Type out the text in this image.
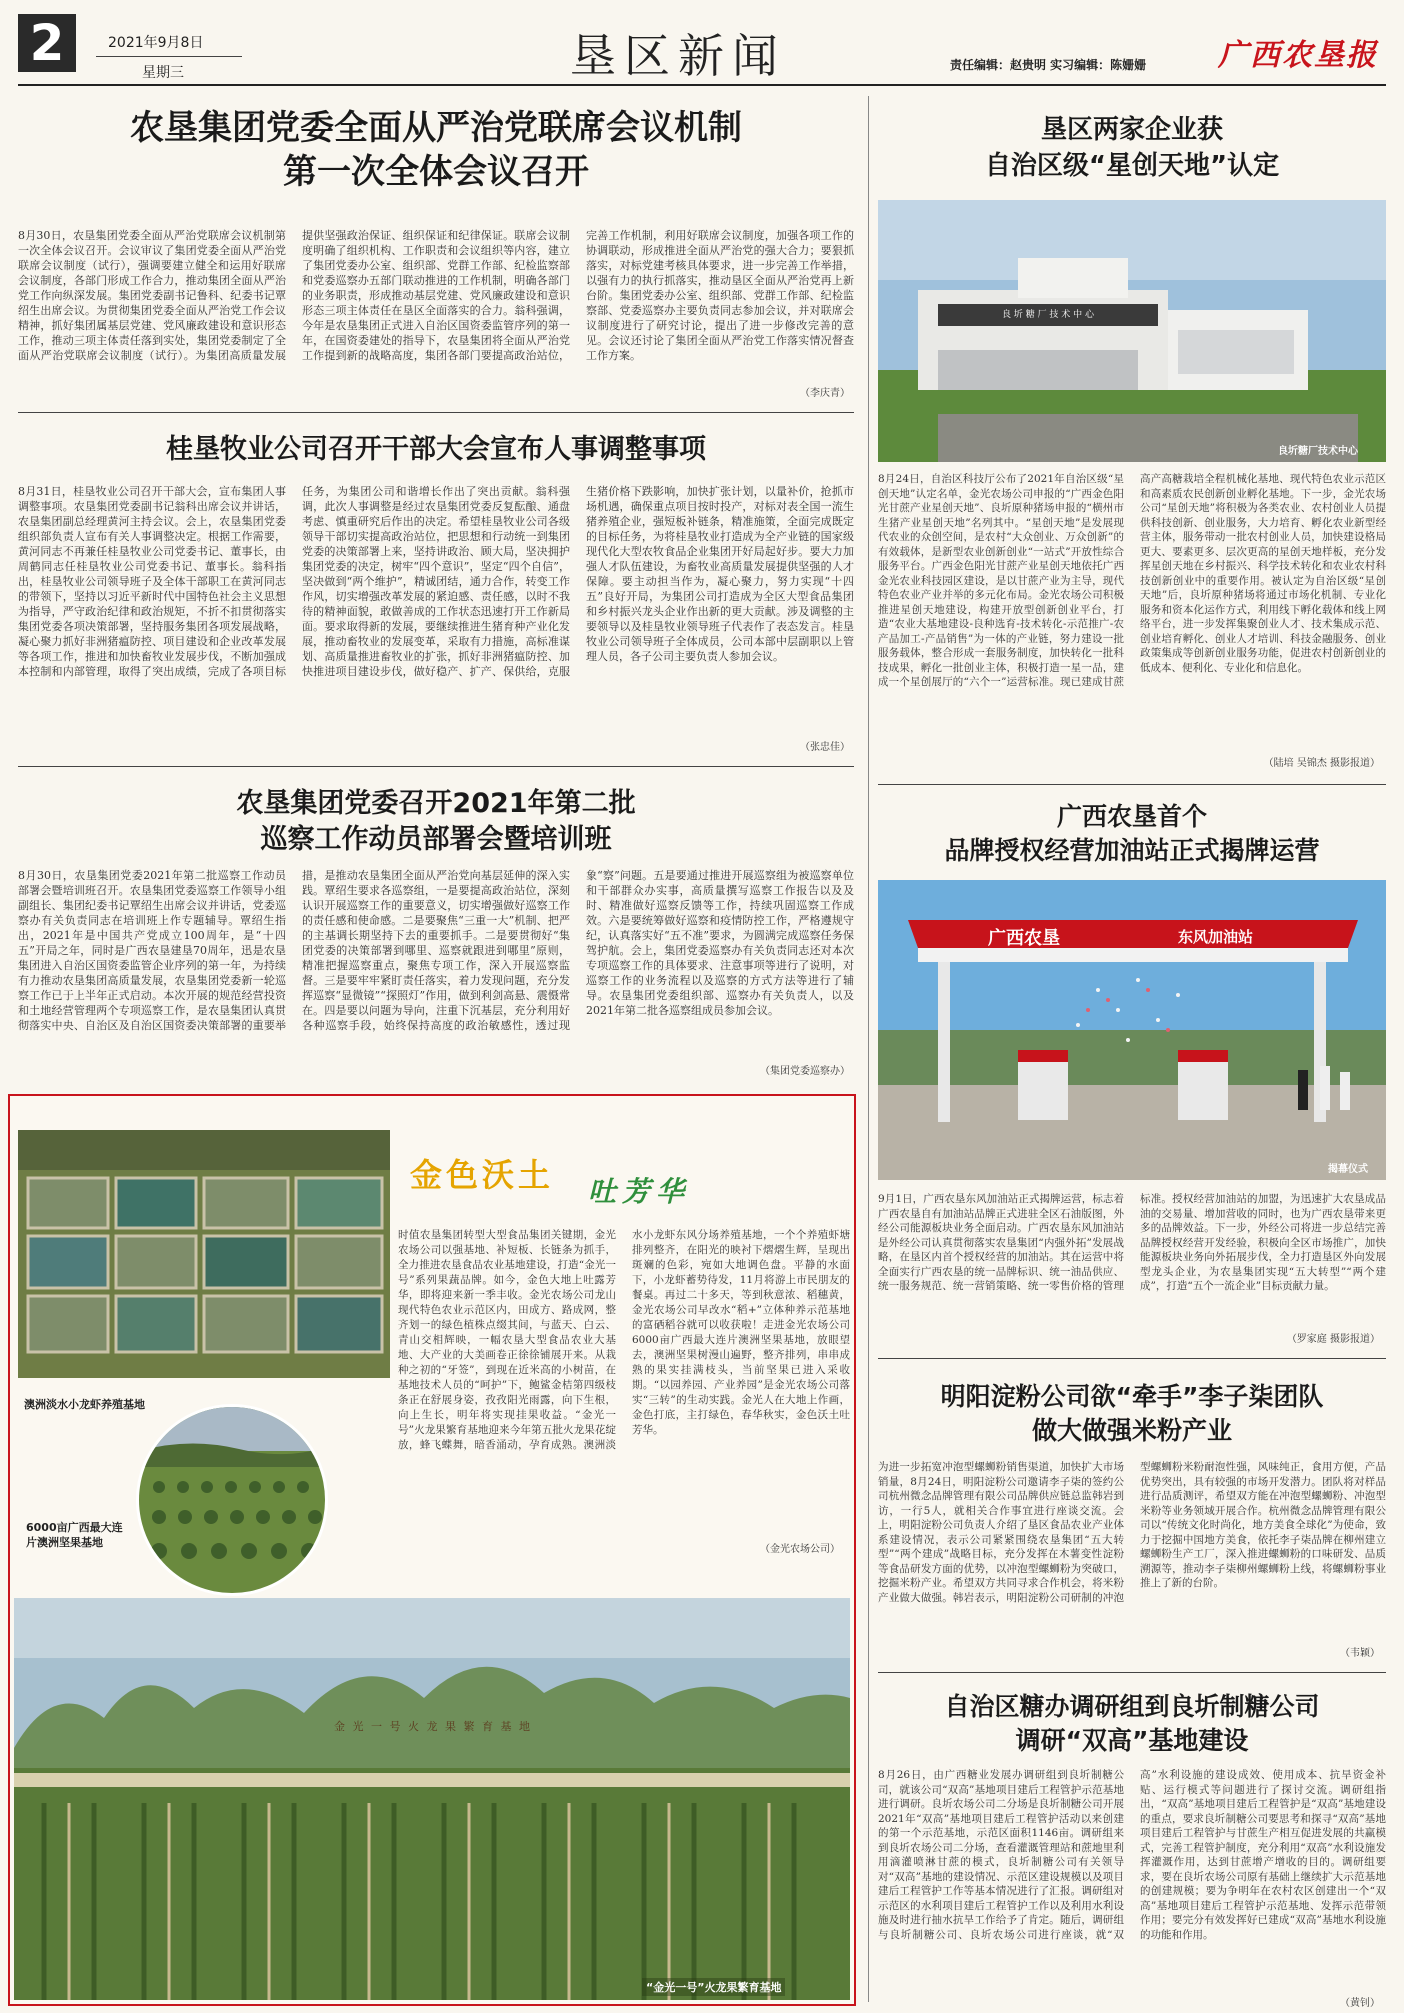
2	2021年9月8日
星期三	垦区新闻	责任编辑：赵贵明 实习编辑：陈姗姗 广西农垦报
农垦集团党委全面从严治党联席会议机制
第一次全体会议召开
8月30日，农垦集团党委全面从严治党联席会议机制第一次全体会议召开。会议审议了集团党委全面从严治党联席会议制度（试行），强调要建立健全和运用好联席会议制度，各部门形成工作合力，推动集团全面从严治党工作向纵深发展。集团党委副书记鲁科、纪委书记覃绍生出席会议。为贯彻集团党委全面从严治党工作会议精神，抓好集团属基层党建、党风廉政建设和意识形态工作，推动三项主体责任落到实处，集团党委制定了全面从严治党联席会议制度（试行）。为集团高质量发展提供坚强政治保证、组织保证和纪律保证。联席会议制度明确了组织机构、工作职责和会议组织等内容，建立了集团党委办公室、组织部、党群工作部、纪检监察部和党委巡察办五部门联动推进的工作机制，明确各部门的业务职责，形成推动基层党建、党风廉政建设和意识形态三项主体责任在垦区全面落实的合力。翁科强调，今年是农垦集团正式进入自治区国资委监管序列的第一年，在国资委建处的指导下，农垦集团将全面从严治党工作提到新的战略高度，集团各部门要提高政治站位，完善工作机制，利用好联席会议制度，加强各项工作的协调联动，形成推进全面从严治党的强大合力；要狠抓落实，对标党建考核具体要求，进一步完善工作举措，以强有力的执行抓落实，推动垦区全面从严治党再上新台阶。集团党委办公室、组织部、党群工作部、纪检监察部、党委巡察办主要负责同志参加会议，并对联席会议制度进行了研究讨论，提出了进一步修改完善的意见。会议还讨论了集团全面从严治党工作落实情况督查工作方案。
（李庆青）
桂垦牧业公司召开干部大会宣布人事调整事项
8月31日，桂垦牧业公司召开干部大会，宣布集团人事调整事项。农垦集团党委副书记翁科出席会议并讲话，农垦集团副总经理黄河主持会议。会上，农垦集团党委组织部负责人宣布有关人事调整决定。根据工作需要，黄河同志不再兼任桂垦牧业公司党委书记、董事长，由周鹤同志任桂垦牧业公司党委书记、董事长。翁科指出，桂垦牧业公司领导班子及全体干部职工在黄河同志的带领下，坚持以习近平新时代中国特色社会主义思想为指导，严守政治纪律和政治规矩，不折不扣贯彻落实集团党委各项决策部署，坚持服务集团各项发展战略，凝心聚力抓好非洲猪瘟防控、项目建设和企业改革发展等各项工作，推进和加快畜牧业发展步伐，不断加强成本控制和内部管理，取得了突出成绩，完成了各项目标任务，为集团公司和谐增长作出了突出贡献。翁科强调，此次人事调整是经过农垦集团党委反复酝酿、通盘考虑、慎重研究后作出的决定。希望桂垦牧业公司各级领导干部切实提高政治站位，把思想和行动统一到集团党委的决策部署上来，坚持讲政治、顾大局，坚决拥护集团党委的决定，树牢“四个意识”，坚定“四个自信”，坚决做到“两个维护”，精诚团结，通力合作，转变工作作风，切实增强改革发展的紧迫感、责任感，以时不我待的精神面貌，敢做善成的工作状态迅速打开工作新局面。要求取得新的发展，要继续推进生猪育种产业化发展，推动畜牧业的发展变革，采取有力措施，高标准谋划、高质量推进畜牧业的扩张，抓好非洲猪瘟防控、加快推进项目建设步伐，做好稳产、扩产、保供给，克服生猪价格下跌影响，加快扩张计划，以量补价，抢抓市场机遇，确保重点项目按时投产，对标对表全国一流生猪养殖企业，强短板补链条，精准施策，全面完成既定的目标任务，为将桂垦牧业打造成为全产业链的国家级现代化大型农牧食品企业集团开好局起好步。要大力加强人才队伍建设，为畜牧业高质量发展提供坚强的人才保障。要主动担当作为，凝心聚力，努力实现“十四五”良好开局，为集团公司打造成为全区大型食品集团和乡村振兴龙头企业作出新的更大贡献。涉及调整的主要领导以及桂垦牧业领导班子代表作了表态发言。桂垦牧业公司领导班子全体成员，公司本部中层副职以上管理人员，各子公司主要负责人参加会议。
（张忠佳）
农垦集团党委召开2021年第二批
巡察工作动员部署会暨培训班
8月30日，农垦集团党委2021年第二批巡察工作动员部署会暨培训班召开。农垦集团党委巡察工作领导小组副组长、集团纪委书记覃绍生出席会议并讲话，党委巡察办有关负责同志在培训班上作专题辅导。覃绍生指出，2021年是中国共产党成立100周年，是“十四五”开局之年，同时是广西农垦建垦70周年，迅是农垦集团进入自治区国资委监管企业序列的第一年，为持续有力推动农垦集团高质量发展，农垦集团党委新一轮巡察工作已于上半年正式启动。本次开展的规范经营投资和土地经营管理两个专项巡察工作，是农垦集团认真贯彻落实中央、自治区及自治区国资委决策部署的重要举措，是推动农垦集团全面从严治党向基层延伸的深入实践。覃绍生要求各巡察组，一是要提高政治站位，深刻认识开展巡察工作的重要意义，切实增强做好巡察工作的责任感和使命感。二是要聚焦“三重一大”机制、把严的主基调长期坚持下去的重要抓手。二是要贯彻好“集团党委的决策部署到哪里、巡察就跟进到哪里”原则，精准把握巡察重点，聚焦专项工作，深入开展巡察监督。三是要牢牢紧盯责任落实，着力发现问题，充分发挥巡察“显微镜”“探照灯”作用，做到利剑高悬、震慑常在。四是要以问题为导向，注重下沉基层，充分利用好各种巡察手段，始终保持高度的政治敏感性，透过现象“察”问题。五是要通过推进开展巡察组为被巡察单位和干部群众办实事，高质量撰写巡察工作报告以及及时、精准做好巡察反馈等工作，持续巩固巡察工作成效。六是要统筹做好巡察和疫情防控工作，严格遵规守纪，认真落实好“五不准”要求，为圆满完成巡察任务保驾护航。会上，集团党委巡察办有关负责同志还对本次专项巡察工作的具体要求、注意事项等进行了说明，对巡察工作的业务流程以及巡察的方式方法等进行了辅导。农垦集团党委组织部、巡察办有关负责人，以及2021年第二批各巡察组成员参加会议。
（集团党委巡察办）
澳洲淡水小龙虾养殖基地
6000亩广西最大连片澳洲坚果基地
金色沃土 吐芳华
时值农垦集团转型大型食品集团关键期，金光农场公司以强基地、补短板、长链条为抓手，全力推进农垦食品农业基地建设，打造“金光一号”系列果蔬品牌。如今，金色大地上吐露芳华，即将迎来新一季丰收。金光农场公司龙山现代特色农业示范区内，田成方、路成网，整齐划一的绿色植株点缀其间，与蓝天、白云、青山交相辉映，一幅农垦大型食品农业大基地、大产业的大美画卷正徐徐铺展开来。从栽种之初的“牙签”，到现在近米高的小树苗，在基地技术人员的“呵护”下，鲍鲨金桔第四级枝条正在舒展身姿，孜孜阳光雨露，向下生根，向上生长，明年将实现挂果收益。“金光一号”火龙果繁育基地迎来今年第五批火龙果花绽放，蜂飞蝶舞，暗香涌动，孕育成熟。澳洲淡水小龙虾东风分场养殖基地，一个个养殖虾塘排列整齐，在阳光的映衬下熠熠生辉，呈现出斑斓的色彩，宛如大地调色盘。平静的水面下，小龙虾蓄势待发，11月将游上市民朋友的餐桌。再过二十多天，等到秋意浓、稻穗黄，金光农场公司早改水“稻+”立体种养示范基地的富硒稻谷就可以收获啦！走进金光农场公司6000亩广西最大连片澳洲坚果基地，放眼望去，澳洲坚果树漫山遍野，整齐排列，串串成熟的果实挂满枝头，当前坚果已进入采收期。“以园养园、产业养园”是金光农场公司落实“三转”的生动实践。金光人在大地上作画，金色打底，主打绿色，春华秋实，金色沃土吐芳华。
（金光农场公司）
金 光 一 号 火 龙 果 繁 育 基 地
“金光一号”火龙果繁育基地
垦区两家企业获
自治区级“星创天地”认定
良 圻 糖 厂 技 术 中 心
良圻糖厂技术中心
8月24日，自治区科技厅公布了2021年自治区级“星创天地”认定名单，金光农场公司申报的“广西金色阳光甘蔗产业星创天地”、良圻原种猪场申报的“横州市生猪产业星创天地”名列其中。“星创天地”是发展现代农业的众创空间，是农村“大众创业、万众创新”的有效载体，是新型农业创新创业“一站式”开放性综合服务平台。广西金色阳光甘蔗产业星创天地依托广西金光农业科技园区建设，是以甘蔗产业为主导，现代特色农业产业并举的多元化布局。金光农场公司积极推进星创天地建设，构建开放型创新创业平台，打造“农业大基地建设-良种选育-技术转化-示范推广-农产品加工-产品销售”为一体的产业链，努力建设一批服务载体，整合形成一套服务制度，加快转化一批科技成果，孵化一批创业主体，积极打造一星一品，建成一个星创展厅的“六个一”运营标准。现已建成甘蔗高产高糖栽培全程机械化基地、现代特色农业示范区和高素质农民创新创业孵化基地。下一步，金光农场公司“星创天地”将积极为各类农业、农村创业人员提供科技创新、创业服务，大力培育、孵化农业新型经营主体，服务带动一批农村创业人员，加快建设格局更大、要素更多、层次更高的星创天地样板，充分发挥星创天地在乡村振兴、科学技术转化和农业农村科技创新创业中的重要作用。被认定为自治区级“星创天地”后，良圻原种猪场将通过市场化机制、专业化服务和资本化运作方式，利用线下孵化载体和线上网络平台，进一步发挥集聚创业人才、技术集成示范、创业培育孵化、创业人才培训、科技金融服务、创业政策集成等创新创业服务功能，促进农村创新创业的低成本、便利化、专业化和信息化。
（陆培 吴锦杰 摄影报道）
广西农垦首个
品牌授权经营加油站正式揭牌运营
广西农垦	东风加油站
揭幕仪式
9月1日，广西农垦东风加油站正式揭牌运营，标志着广西农垦自有加油站品牌正式进驻全区石油版图，外经公司能源板块业务全面启动。广西农垦东风加油站是外经公司认真贯彻落实农垦集团“内强外拓”发展战略，在垦区内首个授权经营的加油站。其在运营中将全面实行广西农垦的统一品牌标识、统一油品供应、统一服务规范、统一营销策略、统一零售价格的管理标准。授权经营加油站的加盟，为迅速扩大农垦成品油的交易量、增加营收的同时，也为广西农垦带来更多的品牌效益。下一步，外经公司将进一步总结完善品牌授权经营开发经验，积极向全区市场推广，加快能源板块业务向外拓展步伐，全力打造垦区外向发展型龙头企业，为农垦集团实现“五大转型”“两个建成”，打造“五个一流企业”目标贡献力量。
（罗家庭 摄影报道）
明阳淀粉公司欲“牵手”李子柒团队
做大做强米粉产业
为进一步拓宽冲泡型螺蛳粉销售渠道，加快扩大市场销量，8月24日，明阳淀粉公司邀请李子柒的签约公司杭州微念品牌管理有限公司品牌供应链总监韩岩到访，一行5人，就相关合作事宜进行座谈交流。会上，明阳淀粉公司负责人介绍了垦区食品农业产业体系建设情况，表示公司紧紧围绕农垦集团“五大转型”“两个建成”战略目标，充分发挥在木薯变性淀粉等食品研发方面的优势，以冲泡型螺蛳粉为突破口，挖掘米粉产业。希望双方共同寻求合作机会，将米粉产业做大做强。韩岩表示，明阳淀粉公司研制的冲泡型螺蛳粉米粉耐泡性强，风味纯正，食用方便，产品优势突出，具有较强的市场开发潜力。团队将对样品进行品质测评，希望双方能在冲泡型螺蛳粉、冲泡型米粉等业务领域开展合作。杭州微念品牌管理有限公司以“传统文化时尚化，地方美食全球化”为使命，致力于挖掘中国地方美食，依托李子柒品牌在柳州建立螺蛳粉生产工厂，深入推进螺蛳粉的口味研发、品质溯源等，推动李子柒柳州螺蛳粉上线，将螺蛳粉事业推上了新的台阶。
（韦颖）
自治区糖办调研组到良圻制糖公司
调研“双高”基地建设
8月26日，由广西糖业发展办调研组到良圻制糖公司，就该公司“双高”基地项目建后工程管护示范基地进行调研。良圻农场公司二分场是良圻制糖公司开展2021年“双高”基地项目建后工程管护活动以来创建的第一个示范基地，示范区面积1146亩。调研组来到良圻农场公司二分场，查看灌溉管理站和蔗地里利用滴灌喷淋甘蔗的模式，良圻制糖公司有关领导对“双高”基地的建设情况、示范区建设规模以及项目建后工程管护工作等基本情况进行了汇报。调研组对示范区的水利项目建后工程管护工作以及利用水利设施及时进行抽水抗旱工作给予了肯定。随后，调研组与良圻制糖公司、良圻农场公司进行座谈，就“双高”水利设施的建设成效、使用成本、抗旱资金补贴、运行模式等问题进行了探讨交流。调研组指出，“双高”基地项目建后工程管护是“双高”基地建设的重点，要求良圻制糖公司要思考和探寻“双高”基地项目建后工程管护与甘蔗生产相互促进发展的共赢模式，完善工程管护制度，充分利用“双高”水利设施发挥灌溉作用，达到甘蔗增产增收的目的。调研组要求，要在良圻农场公司原有基础上继续扩大示范基地的创建规模；要为争明年在农村农区创建出一个“双高”基地项目建后工程管护示范基地、发挥示范带领作用；要完分有效发挥好已建成“双高”基地水利设施的功能和作用。
（黄钊）
